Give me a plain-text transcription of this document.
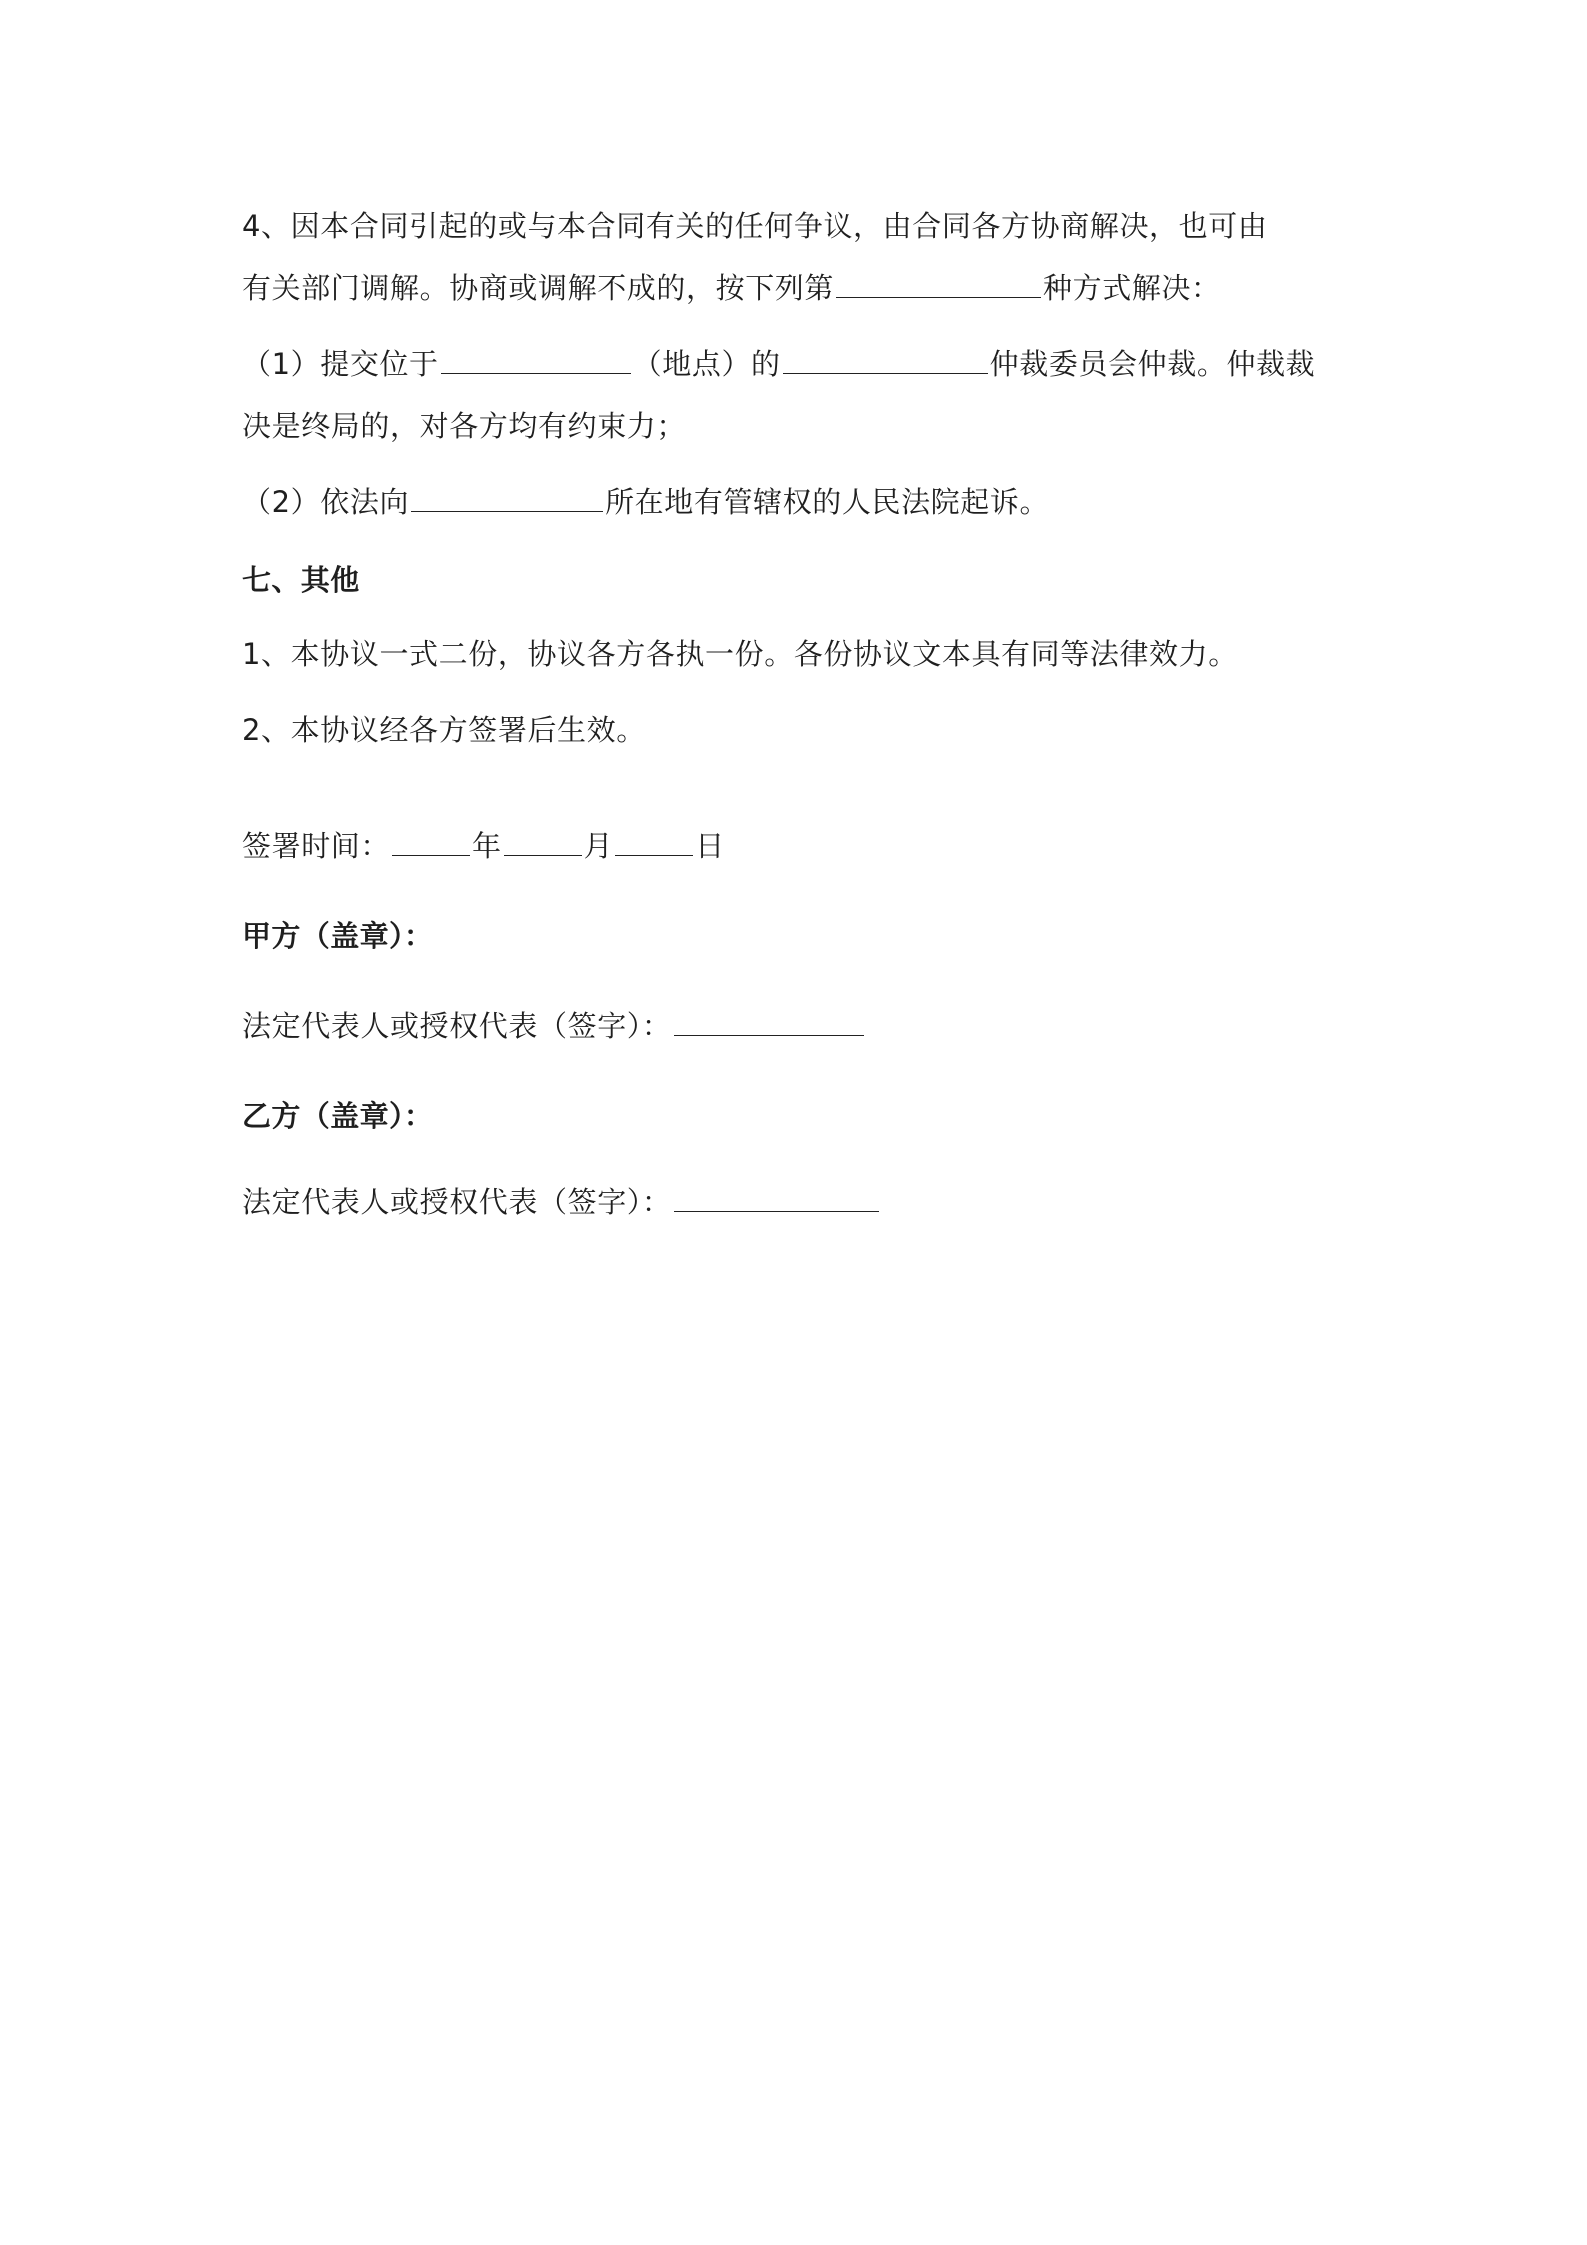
4、因本合同引起的或与本合同有关的任何争议，由合同各方协商解决，也可由
有关部门调解。协商或调解不成的，按下列第	种方式解决：
（1）提交位于	（地点）的	仲裁委员会仲裁。仲裁裁
决是终局的，对各方均有约束力；
（2）依法向	所在地有管辖权的人民法院起诉。
七、其他
1、本协议一式二份，协议各方各执一份。各份协议文本具有同等法律效力。
2、本协议经各方签署后生效。
签署时间：	年	月	日
甲方（盖章）：
法定代表人或授权代表（签字）：
乙方（盖章）：
法定代表人或授权代表（签字）：
